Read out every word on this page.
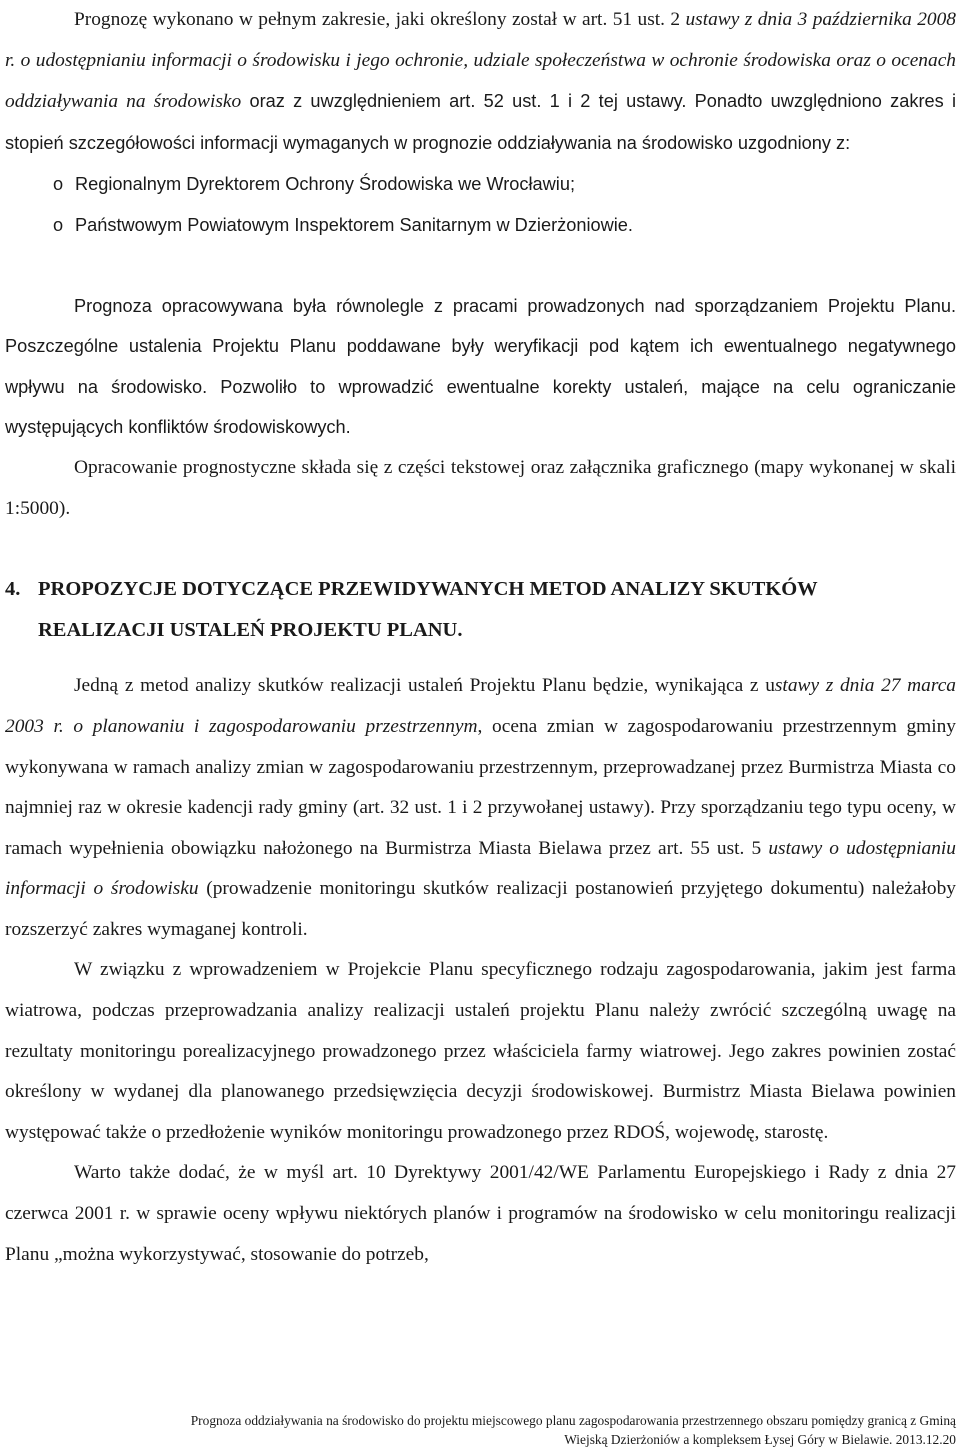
Prognozę wykonano w pełnym zakresie, jaki określony został w art. 51 ust. 2 ustawy z dnia 3 października 2008 r. o udostępnianiu informacji o środowisku i jego ochronie, udziale społeczeństwa w ochronie środowiska oraz o ocenach oddziaływania na środowisko oraz z uwzględnieniem art. 52 ust. 1 i 2 tej ustawy. Ponadto uwzględniono zakres i stopień szczegółowości informacji wymaganych w prognozie oddziaływania na środowisko uzgodniony z:

o Regionalnym Dyrektorem Ochrony Środowiska we Wrocławiu;
o Państwowym Powiatowym Inspektorem Sanitarnym w Dzierżoniowie.

Prognoza opracowywana była równolegle z pracami prowadzonych nad sporządzaniem Projektu Planu. Poszczególne ustalenia Projektu Planu poddawane były weryfikacji pod kątem ich ewentualnego negatywnego wpływu na środowisko. Pozwoliło to wprowadzić ewentualne korekty ustaleń, mające na celu ograniczanie występujących konfliktów środowiskowych.

Opracowanie prognostyczne składa się z części tekstowej oraz załącznika graficznego (mapy wykonanej w skali 1:5000).

4. PROPOZYCJE DOTYCZĄCE PRZEWIDYWANYCH METOD ANALIZY SKUTKÓW
REALIZACJI USTALEŃ PROJEKTU PLANU.

Jedną z metod analizy skutków realizacji ustaleń Projektu Planu będzie, wynikająca z ustawy z dnia 27 marca 2003 r. o planowaniu i zagospodarowaniu przestrzennym, ocena zmian w zagospodarowaniu przestrzennym gminy wykonywana w ramach analizy zmian w zagospodarowaniu przestrzennym, przeprowadzanej przez Burmistrza Miasta co najmniej raz w okresie kadencji rady gminy (art. 32 ust. 1 i 2 przywołanej ustawy). Przy sporządzaniu tego typu oceny, w ramach wypełnienia obowiązku nałożonego na Burmistrza Miasta Bielawa przez art. 55 ust. 5 ustawy o udostępnianiu informacji o środowisku (prowadzenie monitoringu skutków realizacji postanowień przyjętego dokumentu) należałoby rozszerzyć zakres wymaganej kontroli.

W związku z wprowadzeniem w Projekcie Planu specyficznego rodzaju zagospodarowania, jakim jest farma wiatrowa, podczas przeprowadzania analizy realizacji ustaleń projektu Planu należy zwrócić szczególną uwagę na rezultaty monitoringu porealizacyjnego prowadzonego przez właściciela farmy wiatrowej. Jego zakres powinien zostać określony w wydanej dla planowanego przedsięwzięcia decyzji środowiskowej. Burmistrz Miasta Bielawa powinien występować także o przedłożenie wyników monitoringu prowadzonego przez RDOŚ, wojewodę, starostę.

Warto także dodać, że w myśl art. 10 Dyrektywy 2001/42/WE Parlamentu Europejskiego i Rady z dnia 27 czerwca 2001 r. w sprawie oceny wpływu niektórych planów i programów na środowisko w celu monitoringu realizacji Planu „można wykorzystywać, stosowanie do potrzeb,

Prognoza oddziaływania na środowisko do projektu miejscowego planu zagospodarowania przestrzennego obszaru pomiędzy granicą z Gminą
Wiejską Dzierżoniów a kompleksem Łysej Góry w Bielawie. 2013.12.20
